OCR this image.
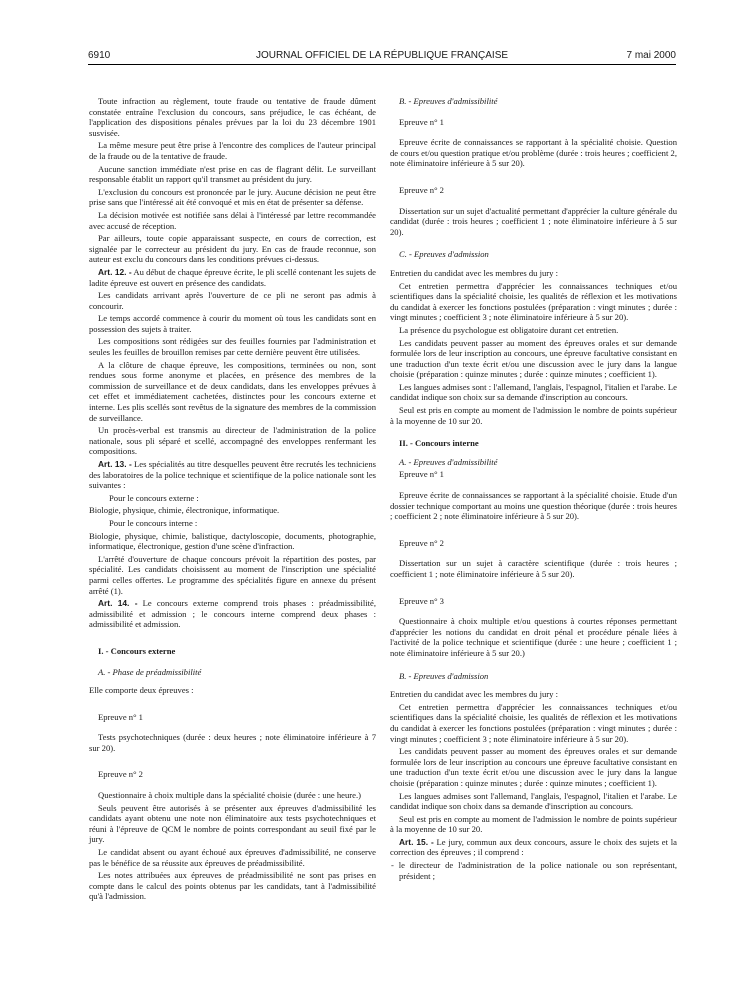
6910	JOURNAL OFFICIEL DE LA RÉPUBLIQUE FRANÇAISE	7 mai 2000

Toute infraction au règlement, toute fraude ou tentative de fraude dûment constatée entraîne l'exclusion du concours, sans préjudice, le cas échéant, de l'application des dispositions pénales prévues par la loi du 23 décembre 1901 susvisée.

La même mesure peut être prise à l'encontre des complices de l'auteur principal de la fraude ou de la tentative de fraude.

Aucune sanction immédiate n'est prise en cas de flagrant délit. Le surveillant responsable établit un rapport qu'il transmet au président du jury.

L'exclusion du concours est prononcée par le jury. Aucune décision ne peut être prise sans que l'intéressé ait été convoqué et mis en état de présenter sa défense.

La décision motivée est notifiée sans délai à l'intéressé par lettre recommandée avec accusé de réception.

Par ailleurs, toute copie apparaissant suspecte, en cours de correction, est signalée par le correcteur au président du jury. En cas de fraude reconnue, son auteur est exclu du concours dans les conditions prévues ci-dessus.

Art. 12. - Au début de chaque épreuve écrite, le pli scellé contenant les sujets de ladite épreuve est ouvert en présence des candidats.

Les candidats arrivant après l'ouverture de ce pli ne seront pas admis à concourir.

Le temps accordé commence à courir du moment où tous les candidats sont en possession des sujets à traiter.

Les compositions sont rédigées sur des feuilles fournies par l'administration et seules les feuilles de brouillon remises par cette dernière peuvent être utilisées.

A la clôture de chaque épreuve, les compositions, terminées ou non, sont rendues sous forme anonyme et placées, en présence des membres de la commission de surveillance et de deux candidats, dans les enveloppes prévues à cet effet et immédiatement cachetées, distinctes pour les concours externe et interne. Les plis scellés sont revêtus de la signature des membres de la commission de surveillance.

Un procès-verbal est transmis au directeur de l'administration de la police nationale, sous pli séparé et scellé, accompagné des enveloppes renfermant les compositions.

Art. 13. - Les spécialités au titre desquelles peuvent être recrutés les techniciens des laboratoires de la police technique et scientifique de la police nationale sont les suivantes :

Pour le concours externe :

Biologie, physique, chimie, électronique, informatique.

Pour le concours interne :

Biologie, physique, chimie, balistique, dactyloscopie, documents, photographie, informatique, électronique, gestion d'une scène d'infraction.

L'arrêté d'ouverture de chaque concours prévoit la répartition des postes, par spécialité. Les candidats choisissent au moment de l'inscription une spécialité parmi celles offertes. Le programme des spécialités figure en annexe du présent arrêté (1).

Art. 14. - Le concours externe comprend trois phases : préadmissibilité, admissibilité et admission ; le concours interne comprend deux phases : admissibilité et admission.

I. - Concours externe

A. - Phase de préadmissibilité

Elle comporte deux épreuves :

Epreuve n° 1

Tests psychotechniques (durée : deux heures ; note éliminatoire inférieure à 7 sur 20).

Epreuve n° 2

Questionnaire à choix multiple dans la spécialité choisie (durée : une heure.)

Seuls peuvent être autorisés à se présenter aux épreuves d'admissibilité les candidats ayant obtenu une note non éliminatoire aux tests psychotechniques et réuni à l'épreuve de QCM le nombre de points correspondant au seuil fixé par le jury.

Le candidat absent ou ayant échoué aux épreuves d'admissibilité, ne conserve pas le bénéfice de sa réussite aux épreuves de préadmissibilité.

Les notes attribuées aux épreuves de préadmissibilité ne sont pas prises en compte dans le calcul des points obtenus par les candidats, tant à l'admissibilité qu'à l'admission.

B. - Epreuves d'admissibilité

Epreuve n° 1

Epreuve écrite de connaissances se rapportant à la spécialité choisie. Question de cours et/ou question pratique et/ou problème (durée : trois heures ; coefficient 2, note éliminatoire inférieure à 5 sur 20).

Epreuve n° 2

Dissertation sur un sujet d'actualité permettant d'apprécier la culture générale du candidat (durée : trois heures ; coefficient 1 ; note éliminatoire inférieure à 5 sur 20).

C. - Epreuves d'admission

Entretien du candidat avec les membres du jury :

Cet entretien permettra d'apprécier les connaissances techniques et/ou scientifiques dans la spécialité choisie, les qualités de réflexion et les motivations du candidat à exercer les fonctions postulées (préparation : vingt minutes ; durée : vingt minutes ; coefficient 3 ; note éliminatoire inférieure à 5 sur 20).

La présence du psychologue est obligatoire durant cet entretien.

Les candidats peuvent passer au moment des épreuves orales et sur demande formulée lors de leur inscription au concours, une épreuve facultative consistant en une traduction d'un texte écrit et/ou une discussion avec le jury dans la langue choisie (préparation : quinze minutes ; durée : quinze minutes ; coefficient 1).

Les langues admises sont : l'allemand, l'anglais, l'espagnol, l'italien et l'arabe. Le candidat indique son choix sur sa demande d'inscription au concours.

Seul est pris en compte au moment de l'admission le nombre de points supérieur à la moyenne de 10 sur 20.

II. - Concours interne

A. - Epreuves d'admissibilité

Epreuve n° 1

Epreuve écrite de connaissances se rapportant à la spécialité choisie. Etude d'un dossier technique comportant au moins une question théorique (durée : trois heures ; coefficient 2 ; note éliminatoire inférieure à 5 sur 20).

Epreuve n° 2

Dissertation sur un sujet à caractère scientifique (durée : trois heures ; coefficient 1 ; note éliminatoire inférieure à 5 sur 20).

Epreuve n° 3

Questionnaire à choix multiple et/ou questions à courtes réponses permettant d'apprécier les notions du candidat en droit pénal et procédure pénale liées à l'activité de la police technique et scientifique (durée : une heure ; coefficient 1 ; note éliminatoire inférieure à 5 sur 20.)

B. - Epreuves d'admission

Entretien du candidat avec les membres du jury :

Cet entretien permettra d'apprécier les connaissances techniques et/ou scientifiques dans la spécialité choisie, les qualités de réflexion et les motivations du candidat à exercer les fonctions postulées (préparation : vingt minutes ; durée : vingt minutes ; coefficient 3 ; note éliminatoire inférieure à 5 sur 20).

Les candidats peuvent passer au moment des épreuves orales et sur demande formulée lors de leur inscription au concours une épreuve facultative consistant en une traduction d'un texte écrit et/ou une discussion avec le jury dans la langue choisie (préparation : quinze minutes ; durée : quinze minutes ; coefficient 1).

Les langues admises sont l'allemand, l'anglais, l'espagnol, l'italien et l'arabe. Le candidat indique son choix dans sa demande d'inscription au concours.

Seul est pris en compte au moment de l'admission le nombre de points supérieur à la moyenne de 10 sur 20.

Art. 15. - Le jury, commun aux deux concours, assure le choix des sujets et la correction des épreuves ; il comprend :

- le directeur de l'administration de la police nationale ou son représentant, président ;
